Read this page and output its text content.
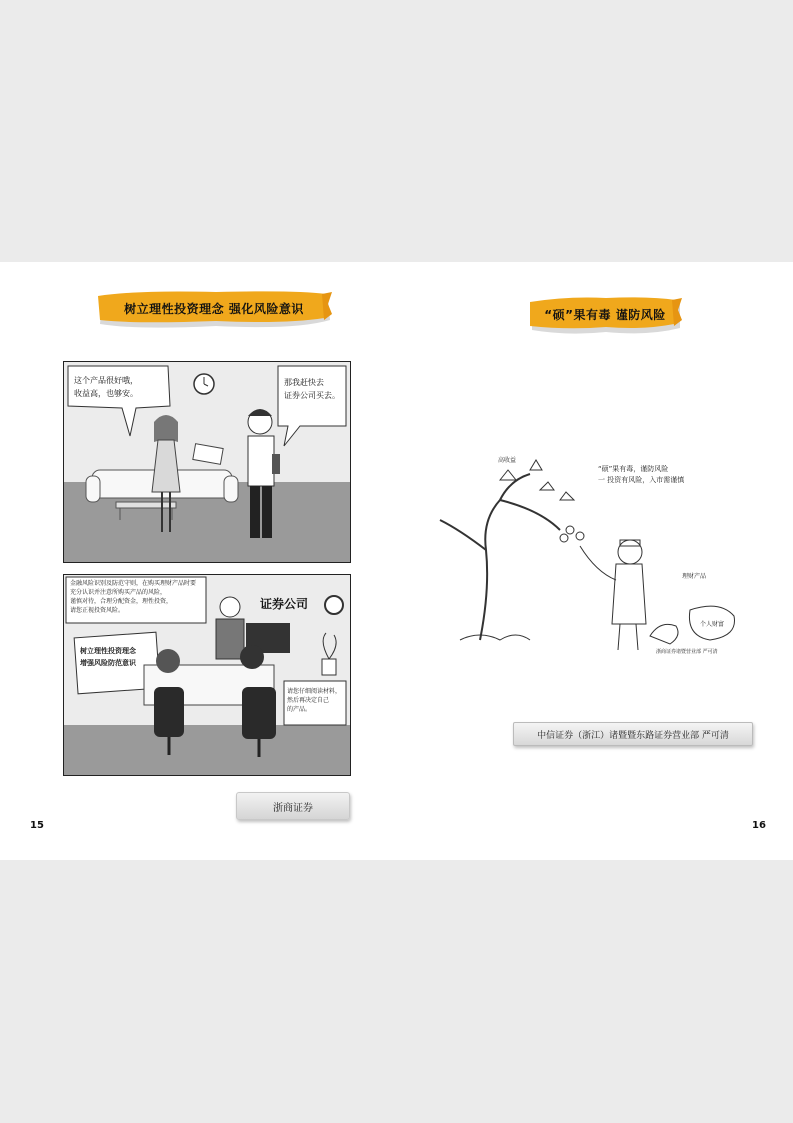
树立理性投资理念 强化风险意识
这个产品很好哦，
收益高，也够安。
那我赶快去
证券公司买去。
金融风险识别及防范守则，在购买理财产品时要
充分认识并注意所购买产品的风险，
谨慎对待，合理分配资金，理性投资，
请您正视投资风险。	证券公司
树立理性投资理念
增强风险防范意识
请您仔细阅读材料，
然后再决定自己
的产品。
浙商证券
15
“硕”果有毒 谨防风险
“硕”果有毒，谨防风险
一 投资有风险，入市需谨慎
高收益
理财产品
个人财富
浙商证券诸暨营业部 严可清
中信证券（浙江）诸暨暨东路证券营业部 严可清
16
